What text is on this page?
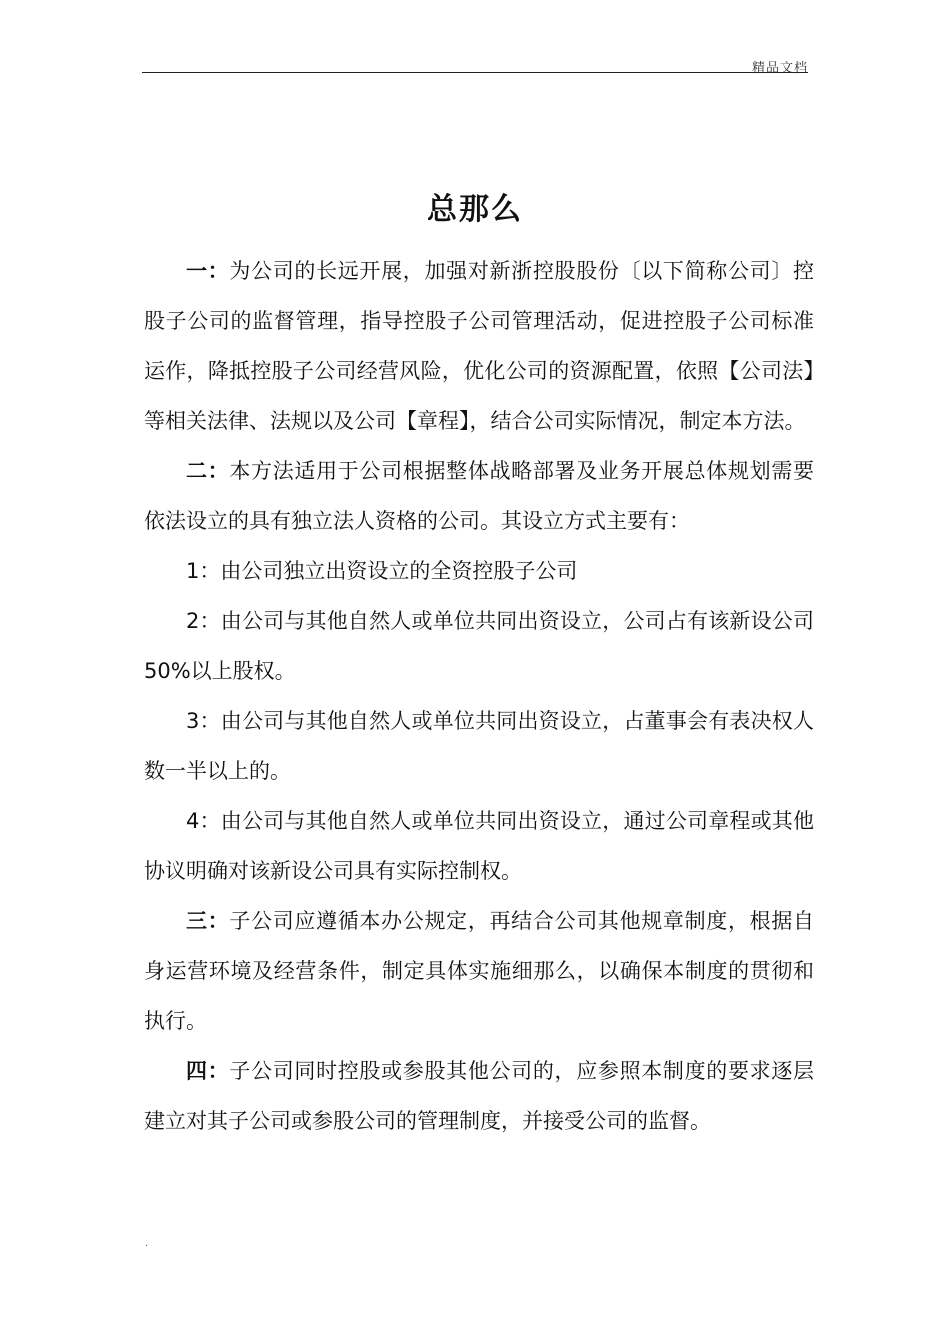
精品文档
总那么

一：为公司的长远开展，加强对新浙控股股份〔以下简称公司〕控股子公司的监督管理，指导控股子公司管理活动，促进控股子公司标准运作，降抵控股子公司经营风险，优化公司的资源配置，依照【公司法】等相关法律、法规以及公司【章程】，结合公司实际情况，制定本方法。

二：本方法适用于公司根据整体战略部署及业务开展总体规划需要依法设立的具有独立法人资格的公司。其设立方式主要有：

1：由公司独立出资设立的全资控股子公司

2：由公司与其他自然人或单位共同出资设立，公司占有该新设公司 50%以上股权。

3：由公司与其他自然人或单位共同出资设立，占董事会有表决权人数一半以上的。

4：由公司与其他自然人或单位共同出资设立，通过公司章程或其他协议明确对该新设公司具有实际控制权。

三：子公司应遵循本办公规定，再结合公司其他规章制度，根据自身运营环境及经营条件，制定具体实施细那么，以确保本制度的贯彻和执行。

四：子公司同时控股或参股其他公司的，应参照本制度的要求逐层建立对其子公司或参股公司的管理制度，并接受公司的监督。

.
